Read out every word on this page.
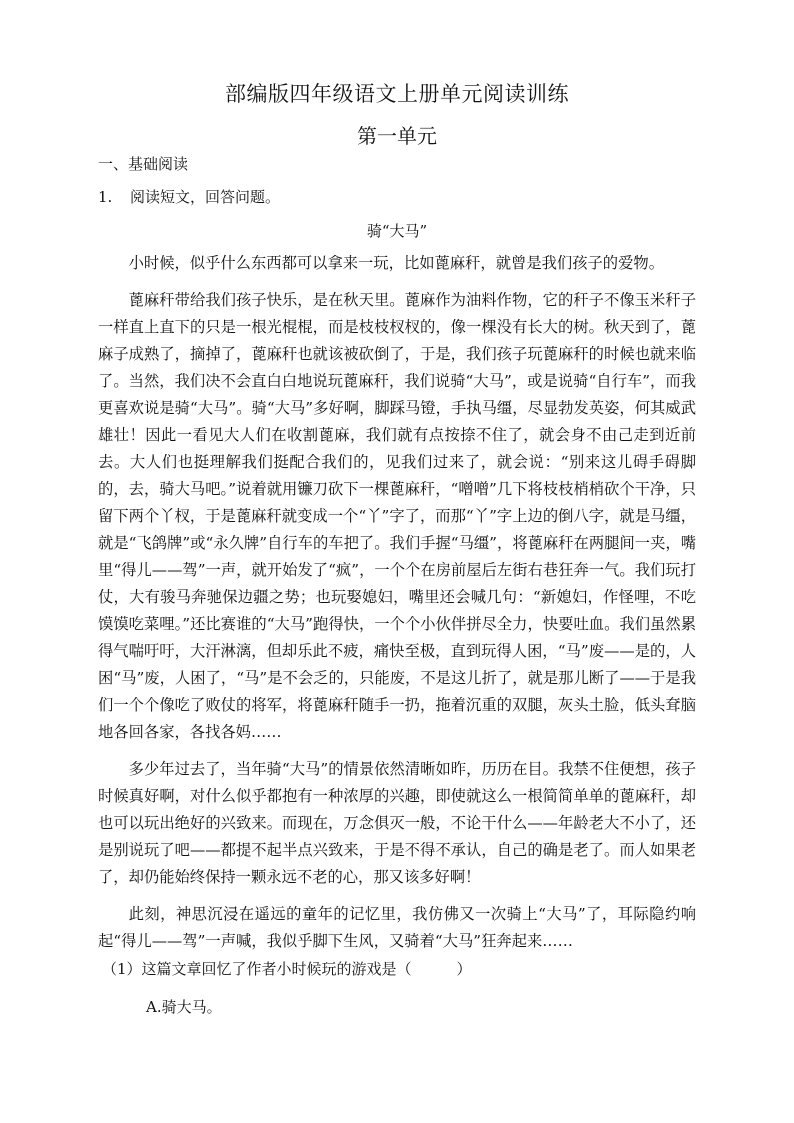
部编版四年级语文上册单元阅读训练
第一单元
一、基础阅读
1. 阅读短文，回答问题。
骑“大马”

小时候，似乎什么东西都可以拿来一玩，比如蓖麻秆，就曾是我们孩子的爱物。

蓖麻秆带给我们孩子快乐，是在秋天里。蓖麻作为油料作物，它的秆子不像玉米秆子一样直上直下的只是一根光棍棍，而是枝枝杈杈的，像一棵没有长大的树。秋天到了，蓖麻子成熟了，摘掉了，蓖麻秆也就该被砍倒了，于是，我们孩子玩蓖麻秆的时候也就来临了。当然，我们决不会直白白地说玩蓖麻秆，我们说骑“大马”，或是说骑“自行车”，而我更喜欢说是骑“大马”。骑“大马”多好啊，脚踩马镫，手执马缰，尽显勃发英姿，何其威武雄壮！因此一看见大人们在收割蓖麻，我们就有点按捺不住了，就会身不由己走到近前去。大人们也挺理解我们挺配合我们的，见我们过来了，就会说：“别来这儿碍手碍脚的，去，骑大马吧。”说着就用镰刀砍下一棵蓖麻秆，“噌噌”几下将枝枝梢梢砍个干净，只留下两个丫杈，于是蓖麻秆就变成一个“丫”字了，而那“丫”字上边的倒八字，就是马缰，就是“飞鸽牌”或“永久牌”自行车的车把了。我们手握“马缰”，将蓖麻秆在两腿间一夹，嘴里“得儿——驾”一声，就开始发了“疯”，一个个在房前屋后左街右巷狂奔一气。我们玩打仗，大有骏马奔驰保边疆之势；也玩娶媳妇，嘴里还会喊几句：“新媳妇，作怪哩，不吃馍馍吃菜哩。”还比赛谁的“大马”跑得快，一个个小伙伴拼尽全力，快要吐血。我们虽然累得气喘吁吁，大汗淋漓，但却乐此不疲，痛快至极，直到玩得人困，“马”废——是的，人困“马”废，人困了，“马”是不会乏的，只能废，不是这儿折了，就是那儿断了——于是我们一个个像吃了败仗的将军，将蓖麻秆随手一扔，拖着沉重的双腿，灰头土脸，低头耷脑地各回各家，各找各妈……

多少年过去了，当年骑“大马”的情景依然清晰如昨，历历在目。我禁不住便想，孩子时候真好啊，对什么似乎都抱有一种浓厚的兴趣，即使就这么一根简简单单的蓖麻秆，却也可以玩出绝好的兴致来。而现在，万念俱灭一般，不论干什么——年龄老大不小了，还是别说玩了吧——都提不起半点兴致来，于是不得不承认，自己的确是老了。而人如果老了，却仍能始终保持一颗永远不老的心，那又该多好啊！

此刻，神思沉浸在遥远的童年的记忆里，我仿佛又一次骑上“大马”了，耳际隐约响起“得儿——驾”一声喊，我似乎脚下生风，又骑着“大马”狂奔起来……

（1）这篇文章回忆了作者小时候玩的游戏是（　　　）
A.骑大马。
